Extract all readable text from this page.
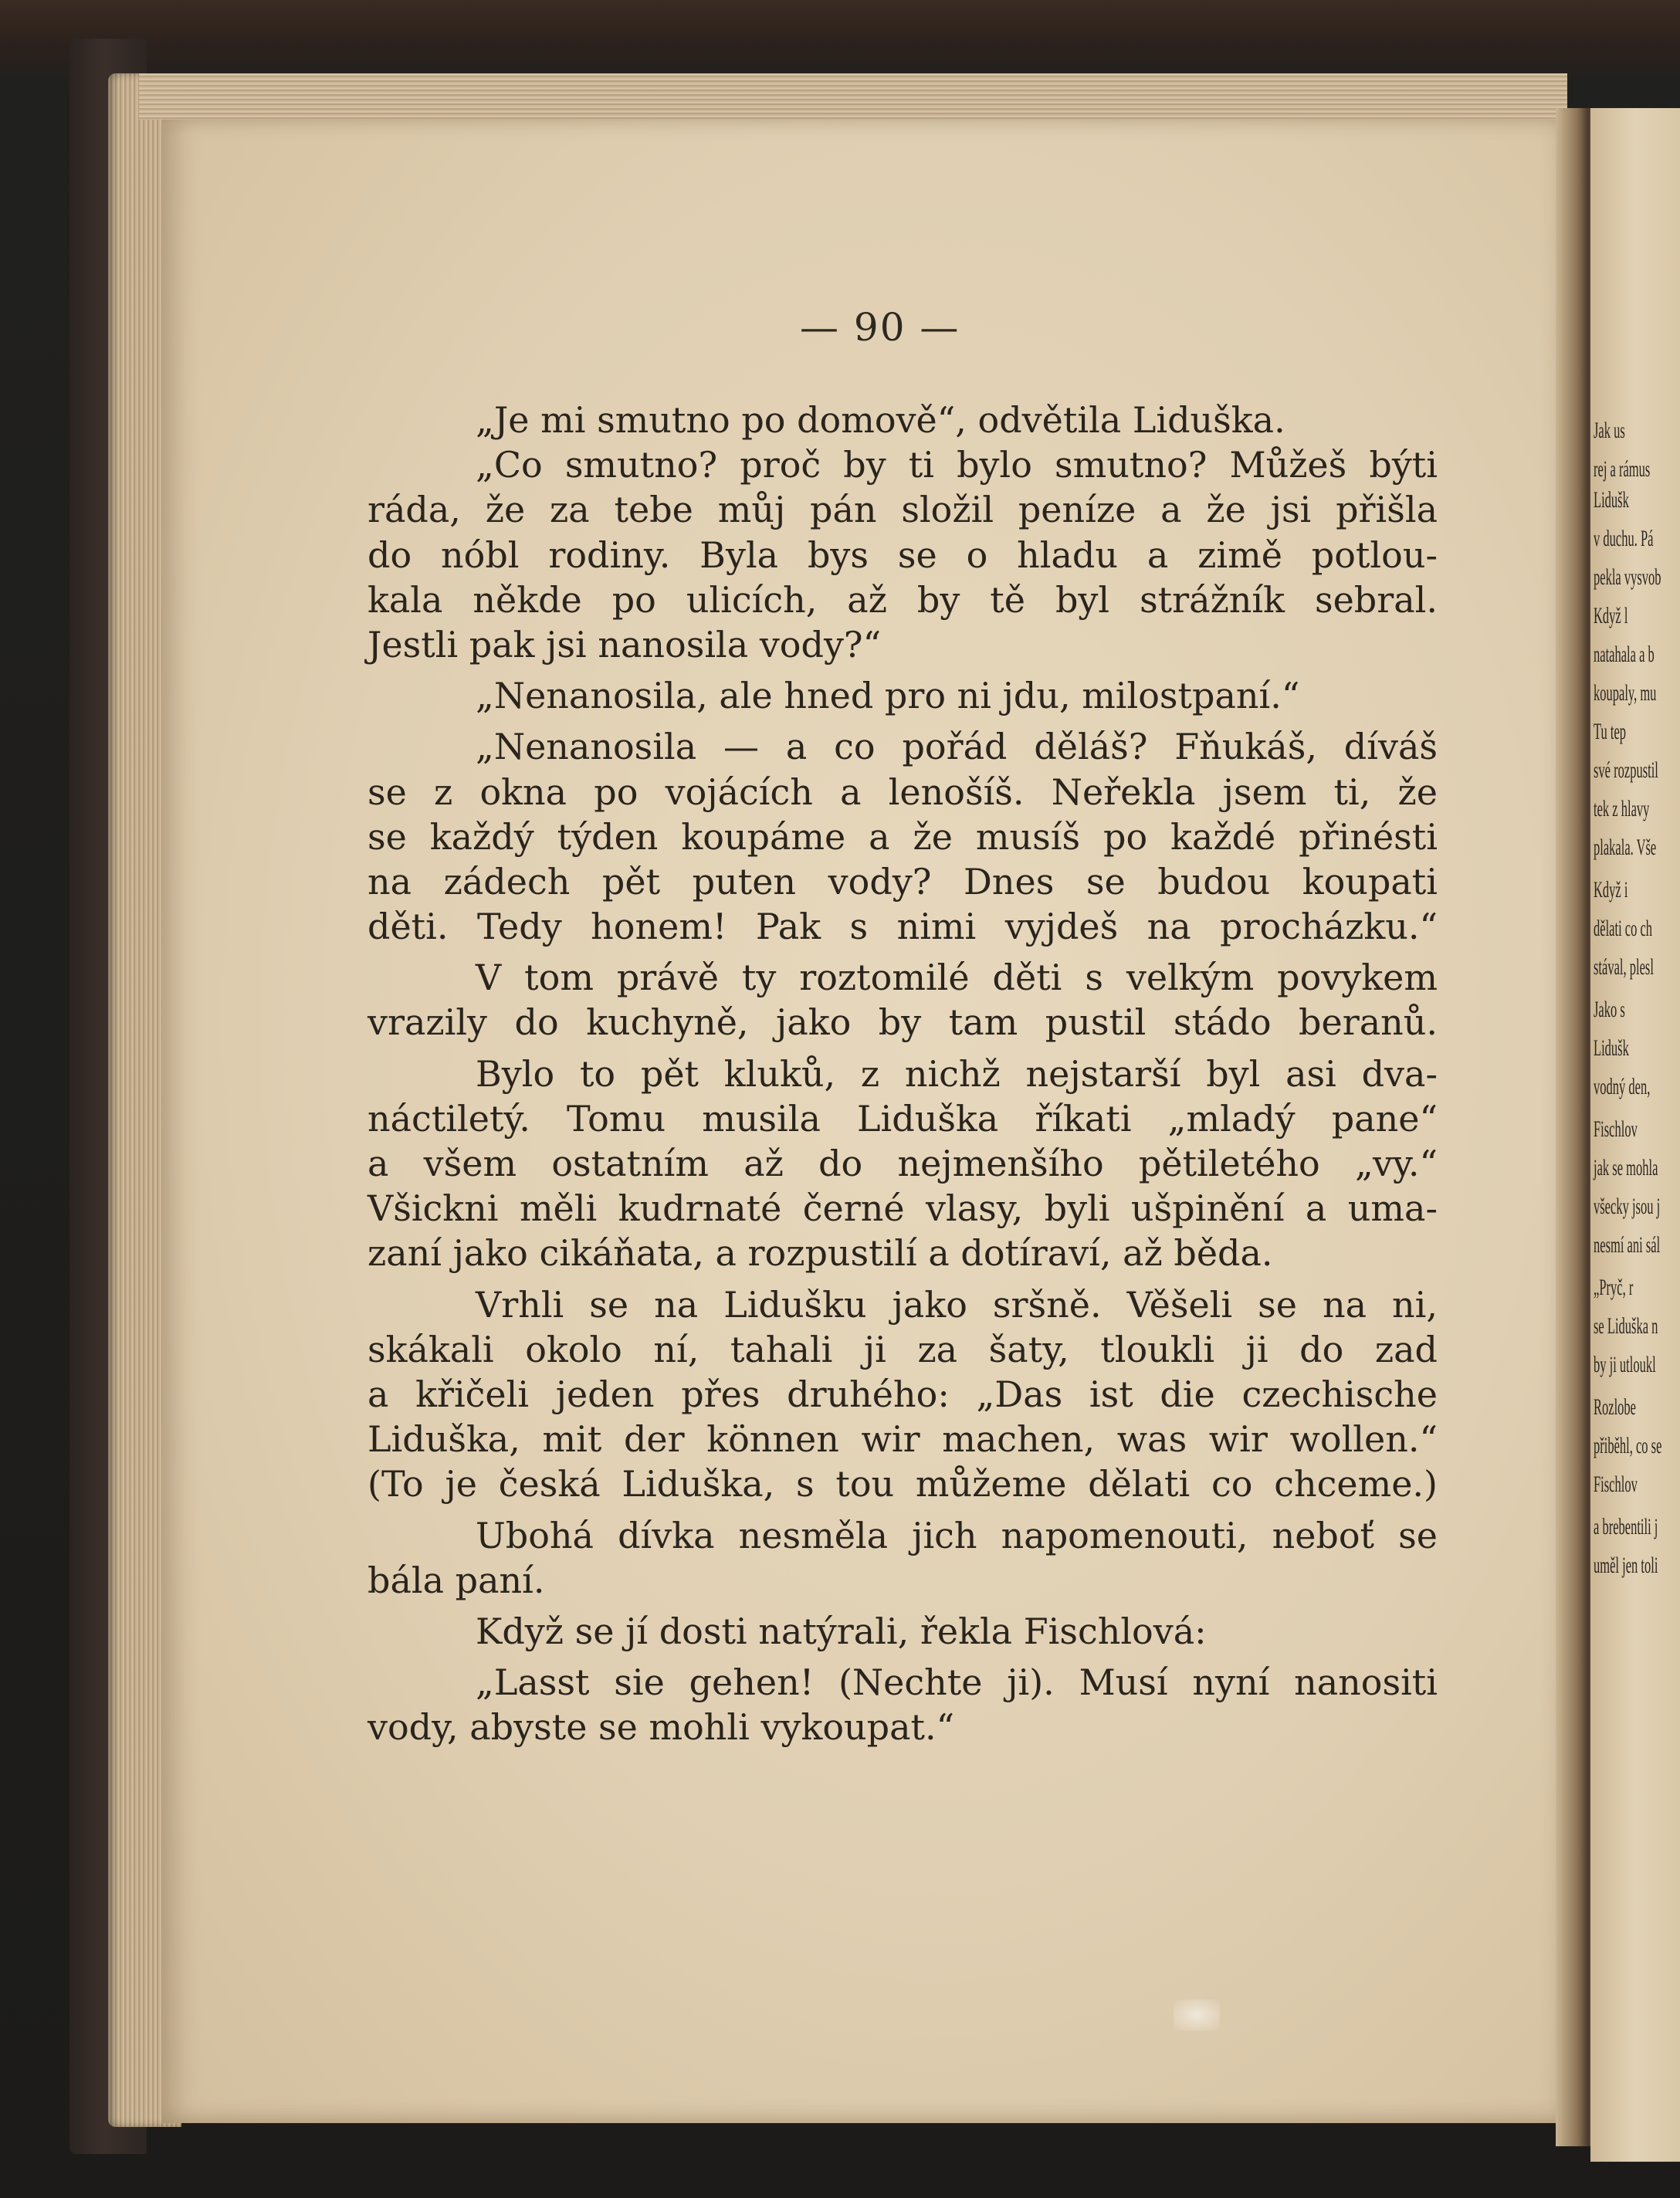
Jak us
rej a rámus
Lidušk
v duchu. Pá
pekla vysvob
Když l
natahala a b
koupaly, mu
Tu tep
své rozpustil
tek z hlavy
plakala. Vše
Když i
dělati co ch
stával, plesl
Jako s
Lidušk
vodný den,
Fischlov
jak se mohla
všecky jsou j
nesmí ani sál
„Pryč, r
se Liduška n
by ji utloukl
Rozlobe
přiběhl, co se
Fischlov
a brebentili j
uměl jen toli
— 90 —
„Je mi smutno po domově“, odvětila Liduška.
„Co smutno? proč by ti bylo smutno? Můžeš býti
ráda, že za tebe můj pán složil peníze a že jsi přišla
do nóbl rodiny. Byla bys se o hladu a zimě potlou-
kala někde po ulicích, až by tě byl strážník sebral.
Jestli pak jsi nanosila vody?“
„Nenanosila, ale hned pro ni jdu, milostpaní.“
„Nenanosila — a co pořád děláš? Fňukáš, díváš
se z okna po vojácích a lenošíš. Neřekla jsem ti, že
se každý týden koupáme a že musíš po každé přinésti
na zádech pět puten vody? Dnes se budou koupati
děti. Tedy honem! Pak s nimi vyjdeš na procházku.“
V tom právě ty roztomilé děti s velkým povykem
vrazily do kuchyně, jako by tam pustil stádo beranů.
Bylo to pět kluků, z nichž nejstarší byl asi dva-
náctiletý. Tomu musila Liduška říkati „mladý pane“
a všem ostatním až do nejmenšího pětiletého „vy.“
Všickni měli kudrnaté černé vlasy, byli ušpinění a uma-
zaní jako cikáňata, a rozpustilí a dotíraví, až běda.
Vrhli se na Lidušku jako sršně. Věšeli se na ni,
skákali okolo ní, tahali ji za šaty, tloukli ji do zad
a křičeli jeden přes druhého: „Das ist die czechische
Liduška, mit der können wir machen, was wir wollen.“
(To je česká Liduška, s tou můžeme dělati co chceme.)
Ubohá dívka nesměla jich napomenouti, neboť se
bála paní.
Když se jí dosti natýrali, řekla Fischlová:
„Lasst sie gehen! (Nechte ji). Musí nyní nanositi
vody, abyste se mohli vykoupat.“
